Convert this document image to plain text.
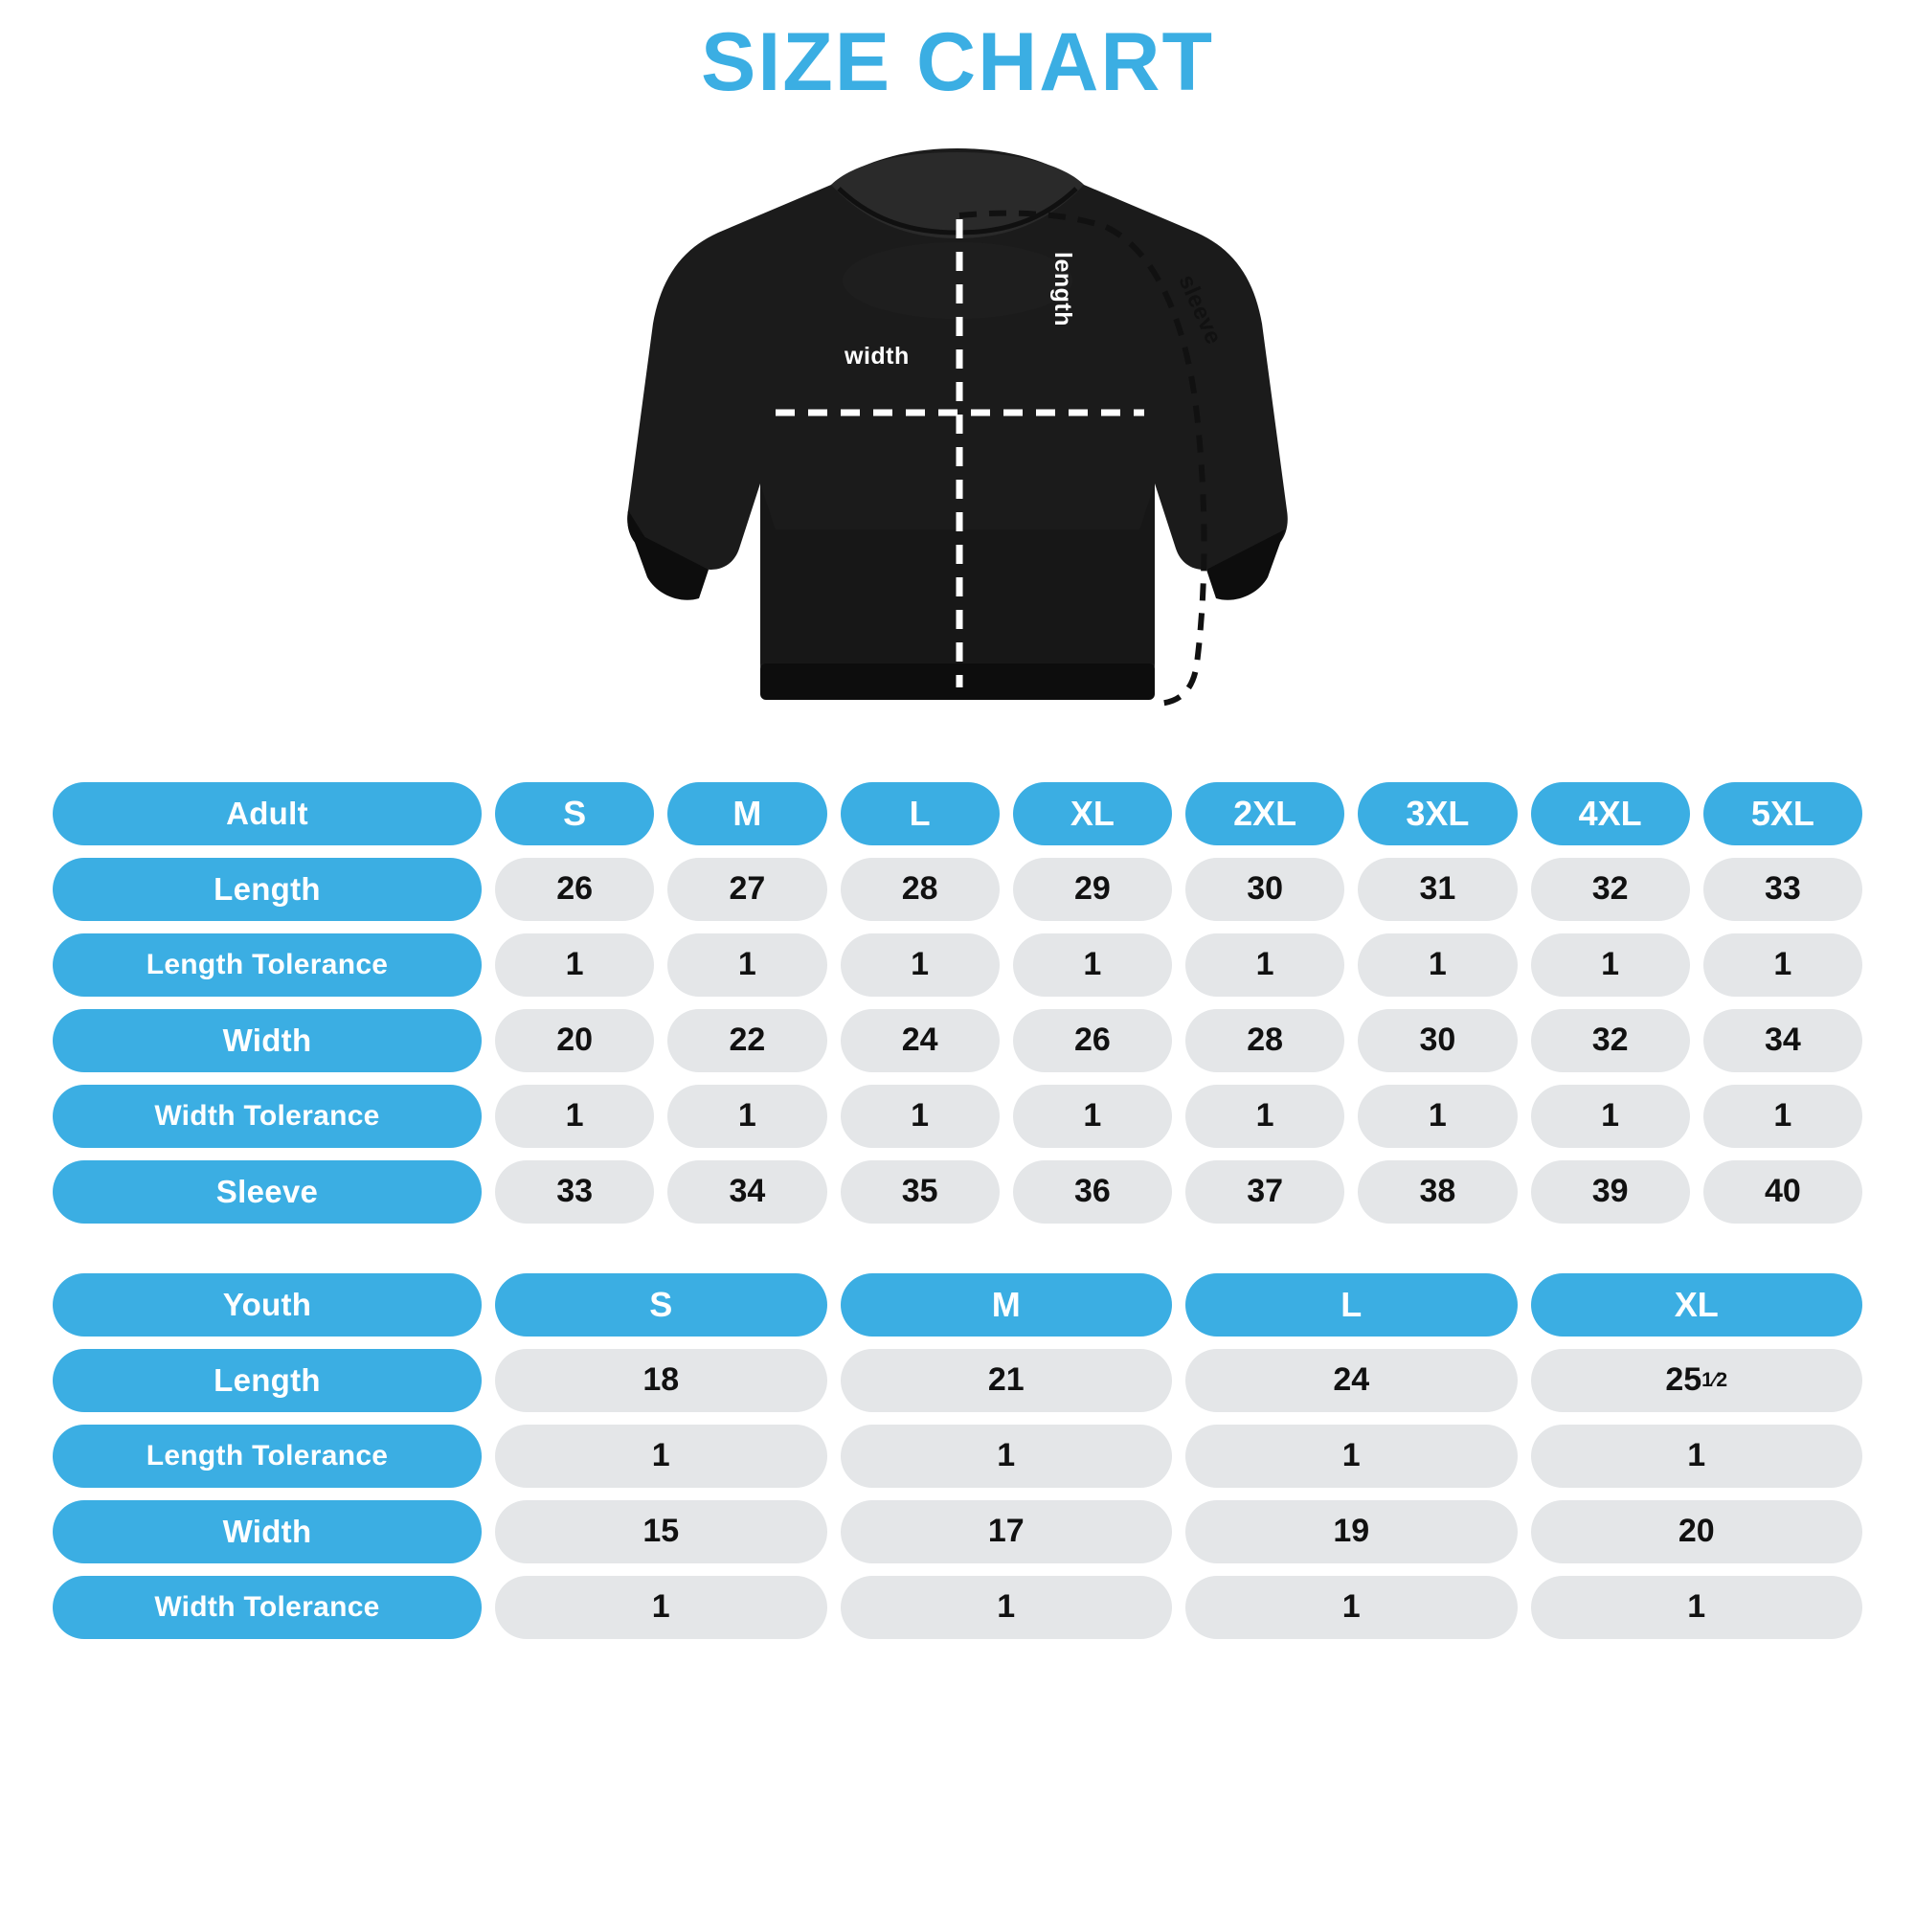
SIZE CHART
width
length	sleeve
Adult	S	M	L	XL	2XL	3XL	4XL	5XL
Length	26	27	28	29	30	31	32	33
Length Tolerance	1	1	1	1	1	1	1	1
Width	20	22	24	26	28	30	32	34
Width Tolerance	1	1	1	1	1	1	1	1
Sleeve	33	34	35	36	37	38	39	40
Youth	S	M	L	XL
Length	18	21	24	25 1⁄2
Length Tolerance	1	1	1	1
Width	15	17	19	20
Width Tolerance	1	1	1	1
